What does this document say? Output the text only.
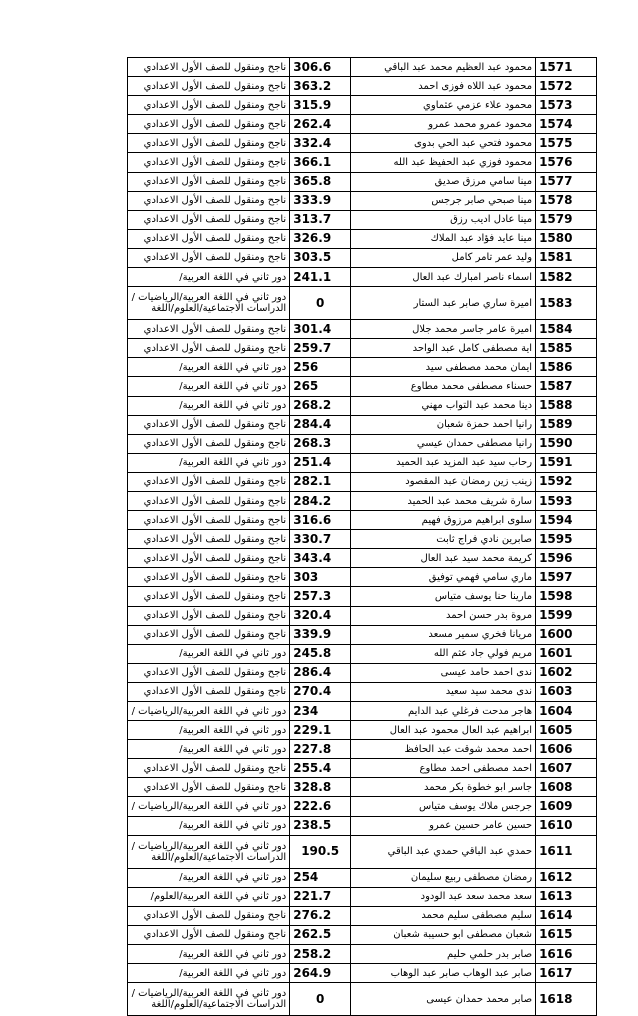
1571	محمود عبد العظيم محمد عبد الباقي	306.6	ناجح ومنقول للصف الأول الاعدادي
1572	محمود عبد اللاه فوزى احمد	363.2	ناجح ومنقول للصف الأول الاعدادي
1573	محمود علاء عزمي عثماوي	315.9	ناجح ومنقول للصف الأول الاعدادي
1574	محمود عمرو محمد عمرو	262.4	ناجح ومنقول للصف الأول الاعدادي
1575	محمود فتحي عبد الحي بدوى	332.4	ناجح ومنقول للصف الأول الاعدادي
1576	محمود فوزي عبد الحفيظ عبد الله	366.1	ناجح ومنقول للصف الأول الاعدادي
1577	مينا سامي مرزق صديق	365.8	ناجح ومنقول للصف الأول الاعدادي
1578	مينا صبحي صابر جرجس	333.9	ناجح ومنقول للصف الأول الاعدادي
1579	مينا عادل اديب رزق	313.7	ناجح ومنقول للصف الأول الاعدادي
1580	مينا عايد فؤاد عبد الملاك	326.9	ناجح ومنقول للصف الأول الاعدادي
1581	وليد عمر تامر كامل	303.5	ناجح ومنقول للصف الأول الاعدادي
1582	اسماء ناصر امبارك عبد العال	241.1	دور ثاني في اللغة العربية/
1583	اميرة ساري صابر عبد الستار	0	دور ثاني في اللغة العربية/الرياضيات / الدراسات الاجتماعية/العلوم/اللغة
1584	اميرة عامر جاسر محمد جلال	301.4	ناجح ومنقول للصف الأول الاعدادي
1585	اية مصطفى كامل عبد الواحد	259.7	ناجح ومنقول للصف الأول الاعدادي
1586	ايمان محمد مصطفى سيد	256	دور ثاني في اللغة العربية/
1587	حسناء مصطفى محمد مطاوع	265	دور ثاني في اللغة العربية/
1588	دينا محمد عبد التواب مهني	268.2	دور ثاني في اللغة العربية/
1589	رانيا احمد حمزة شعبان	284.4	ناجح ومنقول للصف الأول الاعدادي
1590	رانيا مصطفى حمدان عيسي	268.3	ناجح ومنقول للصف الأول الاعدادي
1591	رحاب سيد عبد المزيد عبد الحميد	251.4	دور ثاني في اللغة العربية/
1592	زينب زين رمضان عبد المقصود	282.1	ناجح ومنقول للصف الأول الاعدادي
1593	سارة شريف محمد عبد الحميد	284.2	ناجح ومنقول للصف الأول الاعدادي
1594	سلوى ابراهيم مرزوق فهيم	316.6	ناجح ومنقول للصف الأول الاعدادي
1595	صابرين نادي فراج ثابت	330.7	ناجح ومنقول للصف الأول الاعدادي
1596	كريمة محمد سيد عبد العال	343.4	ناجح ومنقول للصف الأول الاعدادي
1597	ماري سامي فهمي توفيق	303	ناجح ومنقول للصف الأول الاعدادي
1598	مارينا حنا يوسف متياس	257.3	ناجح ومنقول للصف الأول الاعدادي
1599	مروة بدر حسن احمد	320.4	ناجح ومنقول للصف الأول الاعدادي
1600	مريانا فخري سمير مسعد	339.9	ناجح ومنقول للصف الأول الاعدادي
1601	مريم فولي جاد عثم الله	245.8	دور ثاني في اللغة العربية/
1602	ندى احمد حامد عيسى	286.4	ناجح ومنقول للصف الأول الاعدادي
1603	ندى محمد سيد سعيد	270.4	ناجح ومنقول للصف الأول الاعدادي
1604	هاجر مدحت فرغلي عبد الدايم	234	دور ثاني في اللغة العربية/الرياضيات /
1605	ابراهيم عبد العال محمود عبد العال	229.1	دور ثاني في اللغة العربية/
1606	احمد محمد شوقت عبد الحافظ	227.8	دور ثاني في اللغة العربية/
1607	احمد مصطفى احمد مطاوع	255.4	ناجح ومنقول للصف الأول الاعدادي
1608	جاسر ابو خطوة بكر محمد	328.8	ناجح ومنقول للصف الأول الاعدادي
1609	جرجس ملاك يوسف متياس	222.6	دور ثاني في اللغة العربية/الرياضيات /
1610	حسين عامر حسين عمرو	238.5	دور ثاني في اللغة العربية/
1611	حمدي عبد الباقي حمدي عبد الباقي	190.5	دور ثاني في اللغة العربية/الرياضيات / الدراسات الاجتماعية/العلوم/اللغة
1612	رمضان مصطفى ربيع سليمان	254	دور ثاني في اللغة العربية/
1613	سعد محمد سعد عبد الودود	221.7	دور ثاني في اللغة العربية/العلوم/
1614	سليم مصطفى سليم محمد	276.2	ناجح ومنقول للصف الأول الاعدادي
1615	شعبان مصطفى ابو حسيبة شعبان	262.5	ناجح ومنقول للصف الأول الاعدادي
1616	صابر بدر حلمي حليم	258.2	دور ثاني في اللغة العربية/
1617	صابر عبد الوهاب صابر عبد الوهاب	264.9	دور ثاني في اللغة العربية/
1618	صابر محمد حمدان عيسى	0	دور ثاني في اللغة العربية/الرياضيات / الدراسات الاجتماعية/العلوم/اللغة
